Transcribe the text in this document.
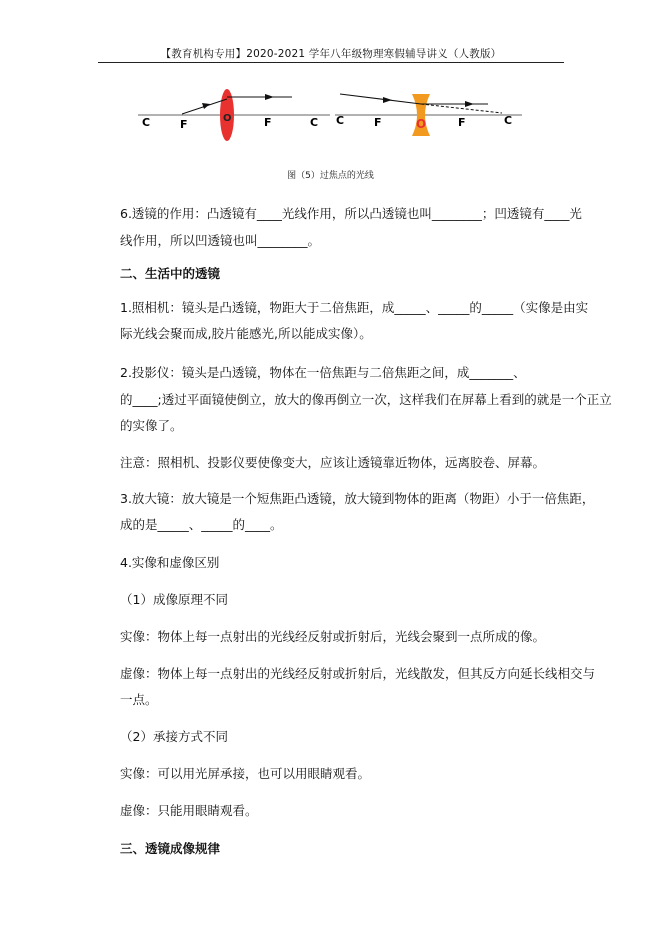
【教育机构专用】2020-2021 学年八年级物理寒假辅导讲义（人教版）
C	F	O	F	C C	F	O	F	C
图（5）过焦点的光线
6.透镜的作用：凸透镜有____光线作用，所以凸透镜也叫________；凹透镜有____光
线作用，所以凹透镜也叫________。
二、生活中的透镜
1.照相机：镜头是凸透镜，物距大于二倍焦距，成_____、_____的_____（实像是由实
际光线会聚而成,胶片能感光,所以能成实像）。
2.投影仪：镜头是凸透镜，物体在一倍焦距与二倍焦距之间，成_______、
的____;透过平面镜使倒立，放大的像再倒立一次，这样我们在屏幕上看到的就是一个正立
的实像了。
注意：照相机、投影仪要使像变大，应该让透镜靠近物体，远离胶卷、屏幕。
3.放大镜：放大镜是一个短焦距凸透镜，放大镜到物体的距离（物距）小于一倍焦距，
成的是_____、_____的____。
4.实像和虚像区别
（1）成像原理不同
实像：物体上每一点射出的光线经反射或折射后，光线会聚到一点所成的像。
虚像：物体上每一点射出的光线经反射或折射后，光线散发，但其反方向延长线相交与
一点。
（2）承接方式不同
实像：可以用光屏承接，也可以用眼睛观看。
虚像：只能用眼睛观看。
三、透镜成像规律
